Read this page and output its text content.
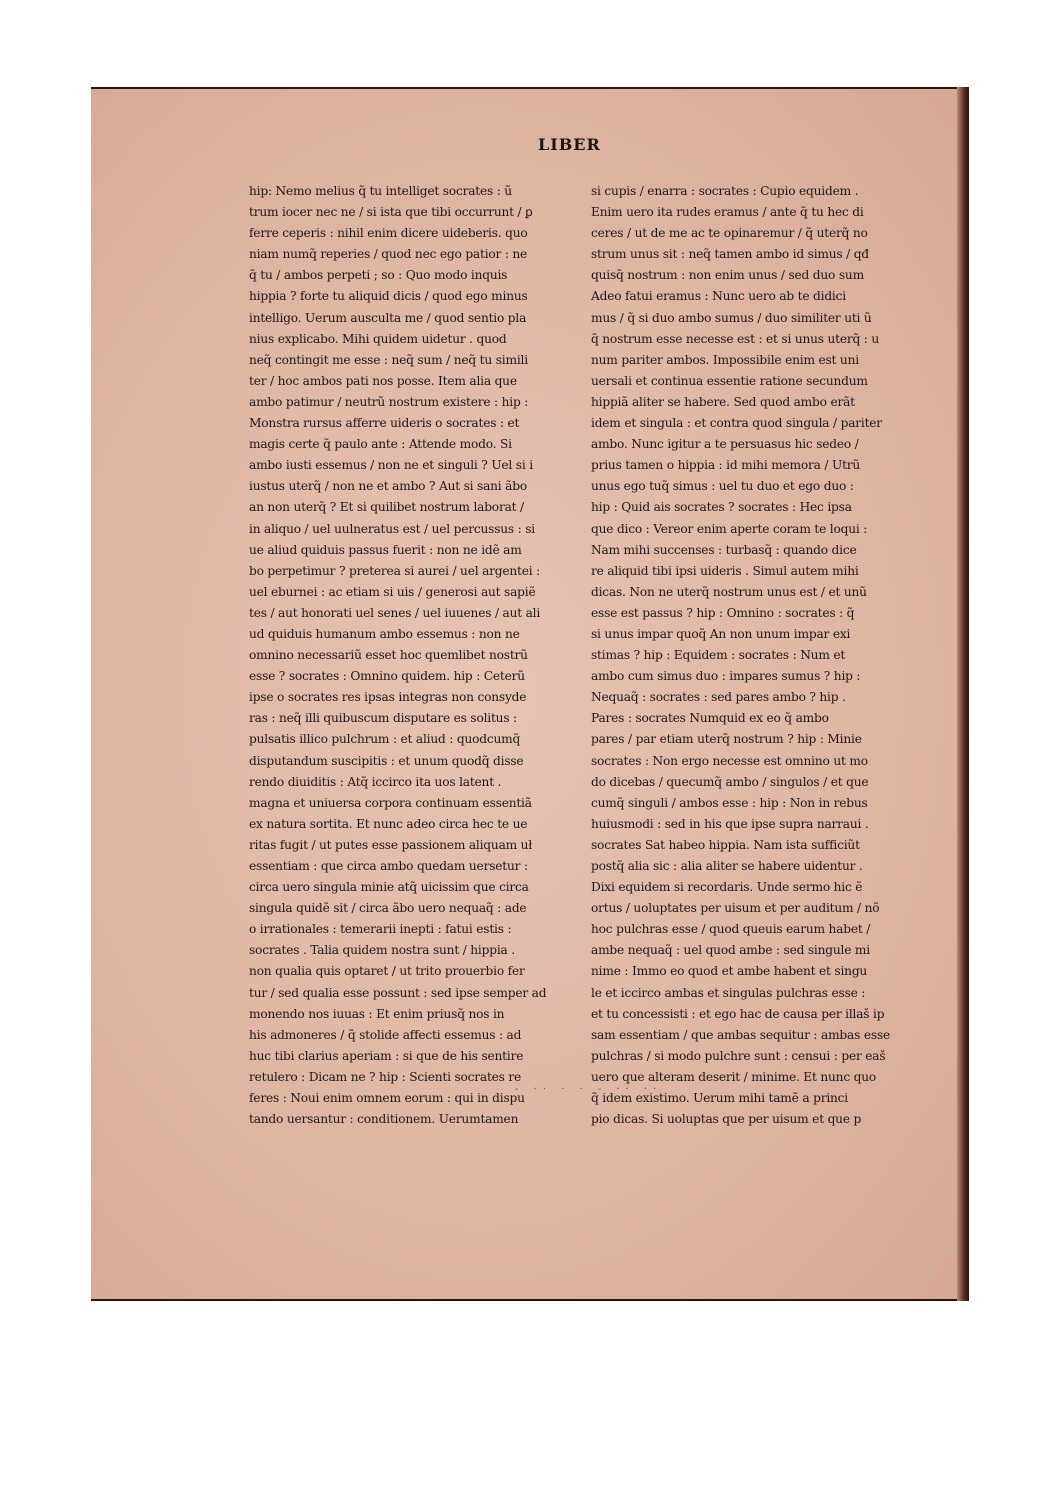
LIBER
hip: Nemo melius q̃ tu intelliget socrates : ũ
trum iocer nec ne / si ista que tibi occurrunt / ꝑ
ferre ceperis : nihil enim dicere uideberis. quo
niam numq̃ reperies / quod nec ego patior : ne
q̃ tu / ambos perpeti ; so : Quo modo inquis
hippia ? forte tu aliquid dicis / quod ego minus
intelligo. Uerum ausculta me / quod sentio pla
nius explicabo. Mihi quidem uidetur . quod
neq̃ contingit me esse : neq̃ sum / neq̃ tu simili
ter / hoc ambos pati nos posse. Item alia que
ambo patimur / neutrũ nostrum existere : hip :
Monstra rursus afferre uideris o socrates : et
magis certe q̃ paulo ante : Attende modo. Si
ambo iusti essemus / non ne et singuli ? Uel si i
iustus uterq̃ / non ne et ambo ? Aut si sani ãbo
an non uterq̃ ? Et si quilibet nostrum laborat /
in aliquo / uel uulneratus est / uel percussus : si
ue aliud quiduis passus fuerit : non ne idẽ am
bo perpetimur ? preterea si aurei / uel argentei :
uel eburnei : ac etiam si uis / generosi aut sapiẽ
tes / aut honorati uel senes / uel iuuenes / aut ali
ud quiduis humanum ambo essemus : non ne
omnino necessariũ esset hoc quemlibet nostrũ
esse ? socrates : Omnino quidem. hip : Ceterũ
ipse o socrates res ipsas integras non consyde
ras : neq̃ illi quibuscum disputare es solitus :
pulsatis illico pulchrum : et aliud : quodcumq̃
disputandum suscipitis : et unum quodq̃ disse
rendo diuiditis : Atq̃ iccirco ita uos latent .
magna et uniuersa corpora continuam essentiã
ex natura sortita. Et nunc adeo circa hec te ue
ritas fugit / ut putes esse passionem aliquam uł
essentiam : que circa ambo quedam uersetur :
circa uero singula minie atq̃ uicissim que circa
singula quidẽ sit / circa ãbo uero nequaq̃ : ade
o irrationales : temerarii inepti : fatui estis :
socrates . Talia quidem nostra sunt / hippia .
non qualia quis optaret / ut trito prouerbio fer
tur / sed qualia esse possunt : sed ipse semper ad
monendo nos iuuas : Et enim priusq̃ nos in
his admoneres / q̃ stolide affecti essemus : ad
huc tibi clarius aperiam : si que de his sentire
retulero : Dicam ne ? hip : Scienti socrates re
feres : Noui enim omnem eorum : qui in dispu
tando uersantur : conditionem. Uerumtamen
si cupis / enarra : socrates : Cupio equidem .
Enim uero ita rudes eramus / ante q̃ tu hec di
ceres / ut de me ac te opinaremur / q̃ uterq̃ no
strum unus sit : neq̃ tamen ambo id simus / qđ
quisq̃ nostrum : non enim unus / sed duo sum
Adeo fatui eramus : Nunc uero ab te didici
mus / q̃ si duo ambo sumus / duo similiter uti ũ
q̃ nostrum esse necesse est : et si unus uterq̃ : u
num pariter ambos. Impossibile enim est uni
uersali et continua essentie ratione secundum
hippiã aliter se habere. Sed quod ambo erãt
idem et singula : et contra quod singula / pariter
ambo. Nunc igitur a te persuasus hic sedeo /
prius tamen o hippia : id mihi memora / Utrũ
unus ego tuq̃ simus : uel tu duo et ego duo :
hip : Quid ais socrates ? socrates : Hec ipsa
que dico : Vereor enim aperte coram te loqui :
Nam mihi succenses : turbasq̃ : quando dice
re aliquid tibi ipsi uideris . Simul autem mihi
dicas. Non ne uterq̃ nostrum unus est / et unũ
esse est passus ? hip : Omnino : socrates : q̃
si unus impar quoq̃ An non unum impar exi
stimas ? hip : Equidem : socrates : Num et
ambo cum simus duo : impares sumus ? hip :
Nequaq̃ : socrates : sed pares ambo ? hip .
Pares : socrates Numquid ex eo q̃ ambo
pares / par etiam uterq̃ nostrum ? hip : Minie
socrates : Non ergo necesse est omnino ut mo
do dicebas / quecumq̃ ambo / singulos / et que
cumq̃ singuli / ambos esse : hip : Non in rebus
huiusmodi : sed in his que ipse supra narraui .
socrates Sat habeo hippia. Nam ista sufficiũt
postq̃ alia sic : alia aliter se habere uidentur .
Dixi equidem si recordaris. Unde sermo hic ẽ
ortus / uoluptates per uisum et per auditum / nõ
hoc pulchras esse / quod queuis earum habet /
ambe nequaq̃ : uel quod ambe : sed singule mi
nime : Immo eo quod et ambe habent et singu
le et iccirco ambas et singulas pulchras esse :
et tu concessisti : et ego hac de causa per illaš ip
sam essentiam / que ambas sequitur : ambas esse
pulchras / si modo pulchre sunt : censui : per eaš
uero que alteram deserit / minime. Et nunc quo
q̃ idem existimo. Uerum mihi tamẽ a princi
pio dicas. Si uoluptas que per uisum et que p
- ·· · · - ·· ··
